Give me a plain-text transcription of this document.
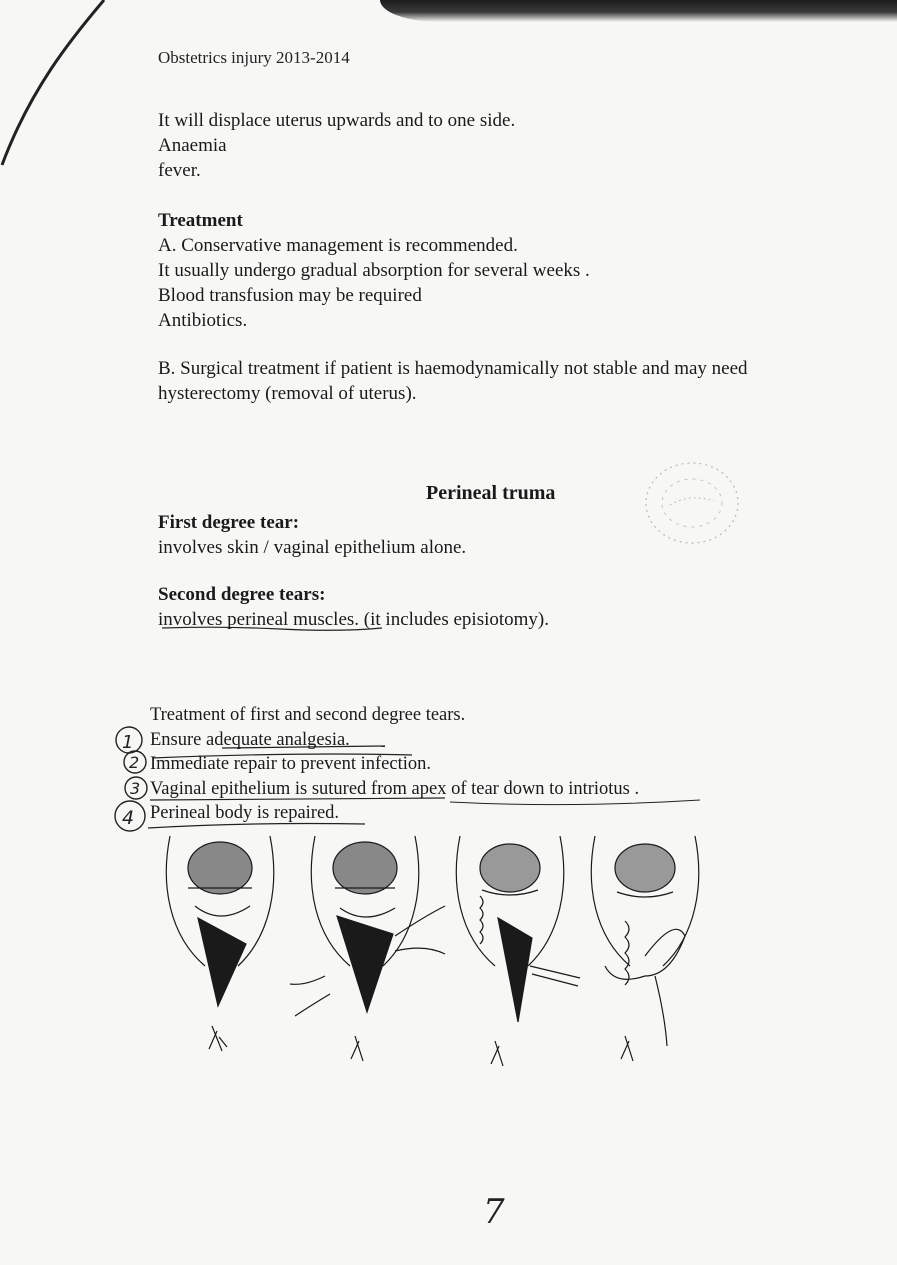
Obstetrics injury 2013-2014

It will displace uterus upwards and to one side.

Anaemia

fever.

Treatment

A. Conservative management is recommended.

It usually undergo gradual absorption for several weeks .

Blood transfusion may be required

Antibiotics.

B. Surgical treatment if patient is haemodynamically not stable and may need

hysterectomy (removal of uterus).

Perineal truma

First degree tear:

involves skin / vaginal epithelium alone.

Second degree tears:

involves perineal muscles. (it includes episiotomy).

Treatment of first and second degree tears.

Ensure adequate analgesia.

Immediate repair to prevent infection.

Vaginal epithelium is sutured from apex of tear down to intriotus .

Perineal body is repaired.

1
2
3
4
7
